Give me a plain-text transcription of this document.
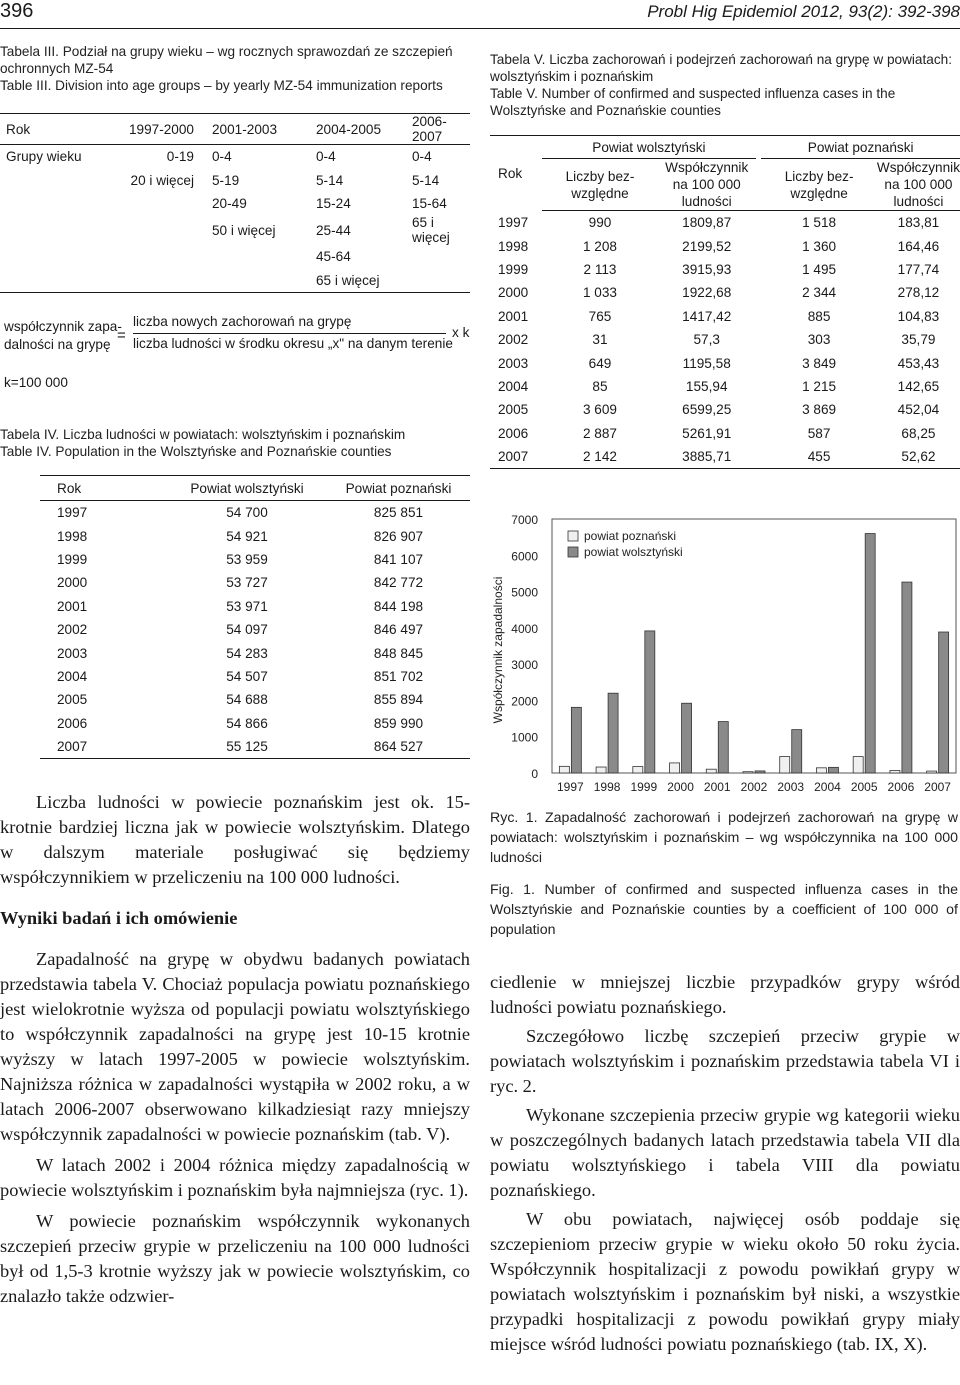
396	Probl Hig Epidemiol 2012, 93(2): 392-398
Tabela III. Podział na grupy wieku – wg rocznych sprawozdań ze szczepień ochronnych MZ-54
Table III. Division into age groups – by yearly MZ-54 immunization reports
Rok	1997-2000	2001-2003	2004-2005	2006-2007
Grupy wieku	0-19	0-4	0-4	0-4
	20 i więcej	5-19	5-14	5-14
		20-49	15-24	15-64
		50 i więcej	25-44	65 i więcej
			45-64	
			65 i więcej	
współczynnik zapa-
dalności na grypę
=
liczba nowych zachorowań na grypę
liczba ludności w środku okresu „x" na danym terenie
x k
k=100 000
Tabela IV. Liczba ludności w powiatach: wolsztyńskim i poznańskim
Table IV. Population in the Wolsztyńske and Poznańskie counties
Rok	Powiat wolsztyński	Powiat poznański
1997	54 700	825 851
1998	54 921	826 907
1999	53 959	841 107
2000	53 727	842 772
2001	53 971	844 198
2002	54 097	846 497
2003	54 283	848 845
2004	54 507	851 702
2005	54 688	855 894
2006	54 866	859 990
2007	55 125	864 527

Liczba ludności w powiecie poznańskim jest ok. 15-krotnie bardziej liczna jak w powiecie wolsztyńskim. Dlatego w dalszym materiale posługiwać się będziemy współczynnikiem w przeliczeniu na 100 000 ludności.

Wyniki badań i ich omówienie

Zapadalność na grypę w obydwu badanych powiatach przedstawia tabela V. Chociaż populacja powiatu poznańskiego jest wielokrotnie wyższa od populacji powiatu wolsztyńskiego to współczynnik zapadalności na grypę jest 10-15 krotnie wyższy w latach 1997-2005 w powiecie wolsztyńskim. Najniższa różnica w zapadalności wystąpiła w 2002 roku, a w latach 2006-2007 obserwowano kilkadziesiąt razy mniejszy współczynnik zapadalności w powiecie poznańskim (tab. V).

W latach 2002 i 2004 różnica między zapadalnością w powiecie wolsztyńskim i poznańskim była najmniejsza (ryc. 1).

W powiecie poznańskim współczynnik wykonanych szczepień przeciw grypie w przeliczeniu na 100 000 ludności był od 1,5-3 krotnie wyższy jak w powiecie wolsztyńskim, co znalazło także odzwier-

Tabela V. Liczba zachorowań i podejrzeń zachorowań na grypę w powiatach: wolsztyńskim i poznańskim
Table V. Number of confirmed and suspected influenza cases in the Wolsztyńske and Poznańskie counties
Rok	Powiat wolsztyński			Powiat poznański	
	Liczby bez-względne	Współczynnik na 100 000 ludności		Liczby bez-względne	Współczynnik na 100 000 ludności
1997	990	1809,87		1 518	183,81
1998	1 208	2199,52		1 360	164,46
1999	2 113	3915,93		1 495	177,74
2000	1 033	1922,68		2 344	278,12
2001	765	1417,42		885	104,83
2002	31	57,3		303	35,79
2003	649	1195,58		3 849	453,43
2004	85	155,94		1 215	142,65
2005	3 609	6599,25		3 869	452,04
2006	2 887	5261,91		587	68,25
2007	2 142	3885,71		455	52,62
0
1000
2000
3000
4000
5000
6000
7000
Współczynnik zapadalności
1997 1998 1999 2000 2001 2002 2003 2004 2005 2006 2007
powiat poznański
powiat wolsztyński
Ryc. 1. Zapadalność zachorowań i podejrzeń zachorowań na grypę w powiatach: wolsztyńskim i poznańskim – wg współczynnika na 100 000 ludności
Fig. 1. Number of confirmed and suspected influenza cases in the Wolsztyńskie and Poznańskie counties by a coefficient of 100 000 of population

ciedlenie w mniejszej liczbie przypadków grypy wśród ludności powiatu poznańskiego.

Szczegółowo liczbę szczepień przeciw grypie w powiatach wolsztyńskim i poznańskim przedstawia tabela VI i ryc. 2.

Wykonane szczepienia przeciw grypie wg kategorii wieku w poszczególnych badanych latach przedstawia tabela VII dla powiatu wolsztyńskiego i tabela VIII dla powiatu poznańskiego.

W obu powiatach, najwięcej osób poddaje się szczepieniom przeciw grypie w wieku około 50 roku życia. Współczynnik hospitalizacji z powodu powikłań grypy w powiatach wolsztyńskim i poznańskim był niski, a wszystkie przypadki hospitalizacji z powodu powikłań grypy miały miejsce wśród ludności powiatu poznańskiego (tab. IX, X).
